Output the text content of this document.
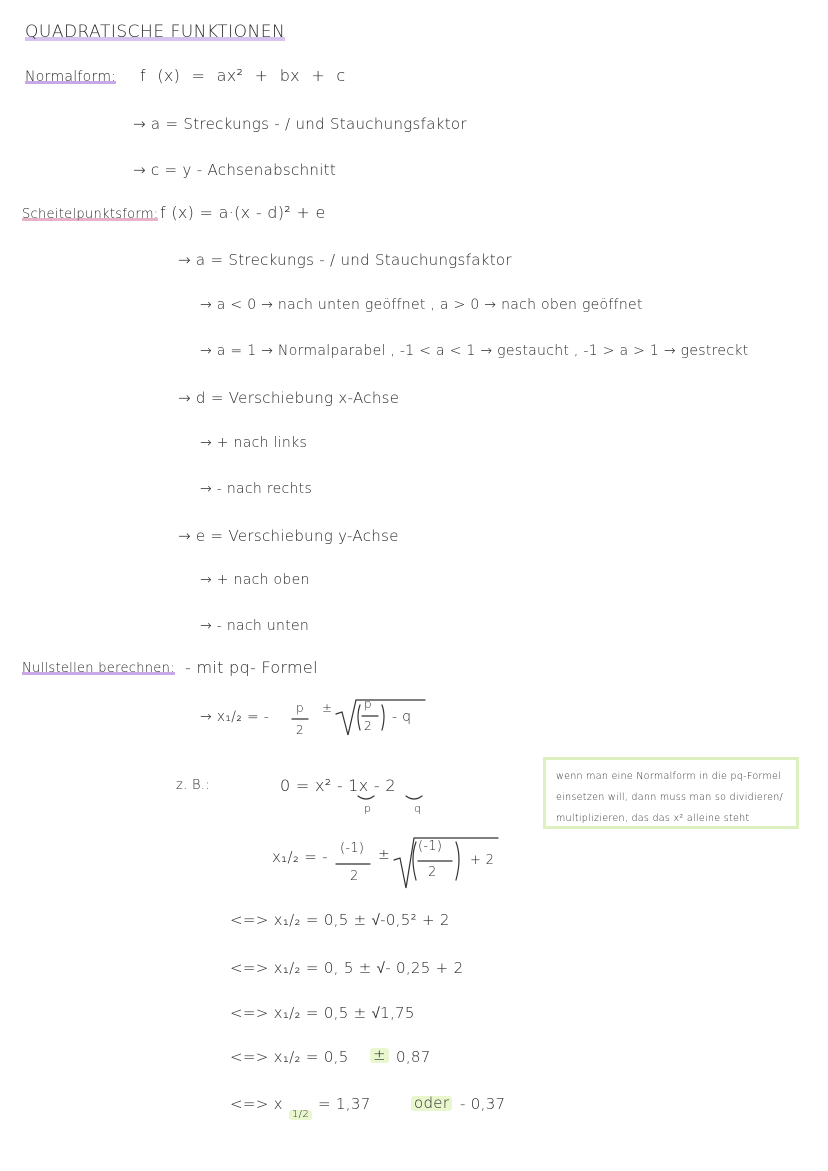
QUADRATISCHE FUNKTIONEN
Normalform: f (x) = ax² + bx + c
→ a = Streckungs - / und Stauchungsfaktor
→ c = y - Achsenabschnitt
Scheitelpunktsform: f (x) = a·(x - d)² + e
→ a = Streckungs - / und Stauchungsfaktor
→ a < 0 → nach unten geöffnet , a > 0 → nach oben geöffnet
→ a = 1 → Normalparabel , -1 < a < 1 → gestaucht , -1 > a > 1 → gestreckt
→ d = Verschiebung x-Achse
→ + nach links
→ - nach rechts
→ e = Verschiebung y-Achse
→ + nach oben
→ - nach unten
Nullstellen berechnen: - mit pq- Formel
→ x₁/₂ = -
p
2
±	p
2
- q
z. B.:	0 = x² - 1x - 2
p	q
x₁/₂ = - (-1)
2
±
(-1)
2
+ 2
<=> x₁/₂ = 0,5 ± √-0,5² + 2
<=> x₁/₂ = 0, 5 ± √- 0,25 + 2
<=> x₁/₂ = 0,5 ± √1,75
<=> x₁/₂ = 0,5 ± 0,87
<=> x
1/2
= 1,37	oder - 0,37
wenn man eine Normalform in die pq-Formel einsetzen will, dann muss man so dividieren/ multiplizieren, das das x² alleine steht
